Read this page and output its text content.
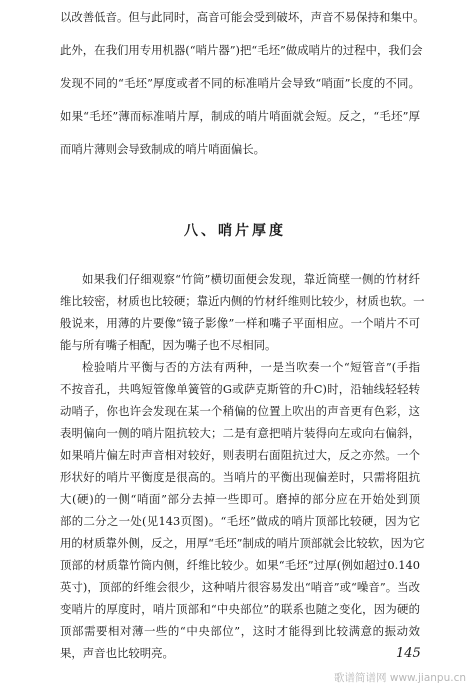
以改善低音。但与此同时，高音可能会受到破坏，声音不易保持和集中。
此外，在我们用专用机器(“哨片器”)把“毛坯”做成哨片的过程中，我们会
发现不同的“毛坯”厚度或者不同的标准哨片会导致“哨面”长度的不同。
如果“毛坯”薄而标准哨片厚，制成的哨片哨面就会短。反之，“毛坯”厚
而哨片薄则会导致制成的哨片哨面偏长。
八、哨片厚度
如果我们仔细观察“竹筒”横切面便会发现，靠近筒壁一侧的竹材纤
维比较密，材质也比较硬；靠近内侧的竹材纤维则比较少，材质也软。一
般说来，用薄的片要像“镜子影像”一样和嘴子平面相应。一个哨片不可
能与所有嘴子相配，因为嘴子也不尽相同。
检验哨片平衡与否的方法有两种，一是当吹奏一个“短管音”(手指
不按音孔，共鸣短管像单簧管的G或萨克斯管的升C)时，沿轴线轻轻转
动哨子，你也许会发现在某一个稍偏的位置上吹出的声音更有色彩，这
表明偏向一侧的哨片阻抗较大；二是有意把哨片装得向左或向右偏斜，
如果哨片偏左时声音相对较好，则表明右面阻抗过大，反之亦然。一个
形状好的哨片平衡度是很高的。当哨片的平衡出现偏差时，只需将阻抗
大(硬)的一侧“哨面”部分去掉一些即可。磨掉的部分应在开始处到顶
部的二分之一处(见143页图)。“毛坯”做成的哨片顶部比较硬，因为它
用的材质靠外侧，反之，用厚“毛坯”制成的哨片顶部就会比较软，因为它
顶部的材质靠竹筒内侧，纤维比较少。如果“毛坯”过厚(例如超过0.140
英寸)，顶部的纤维会很少，这种哨片很容易发出“哨音”或“噪音”。当改
变哨片的厚度时，哨片顶部和“中央部位”的联系也随之变化，因为硬的
顶部需要相对薄一些的“中央部位”，这时才能得到比较满意的振动效
果，声音也比较明亮。	145
歌谱简谱网 www.jianpu.cn
